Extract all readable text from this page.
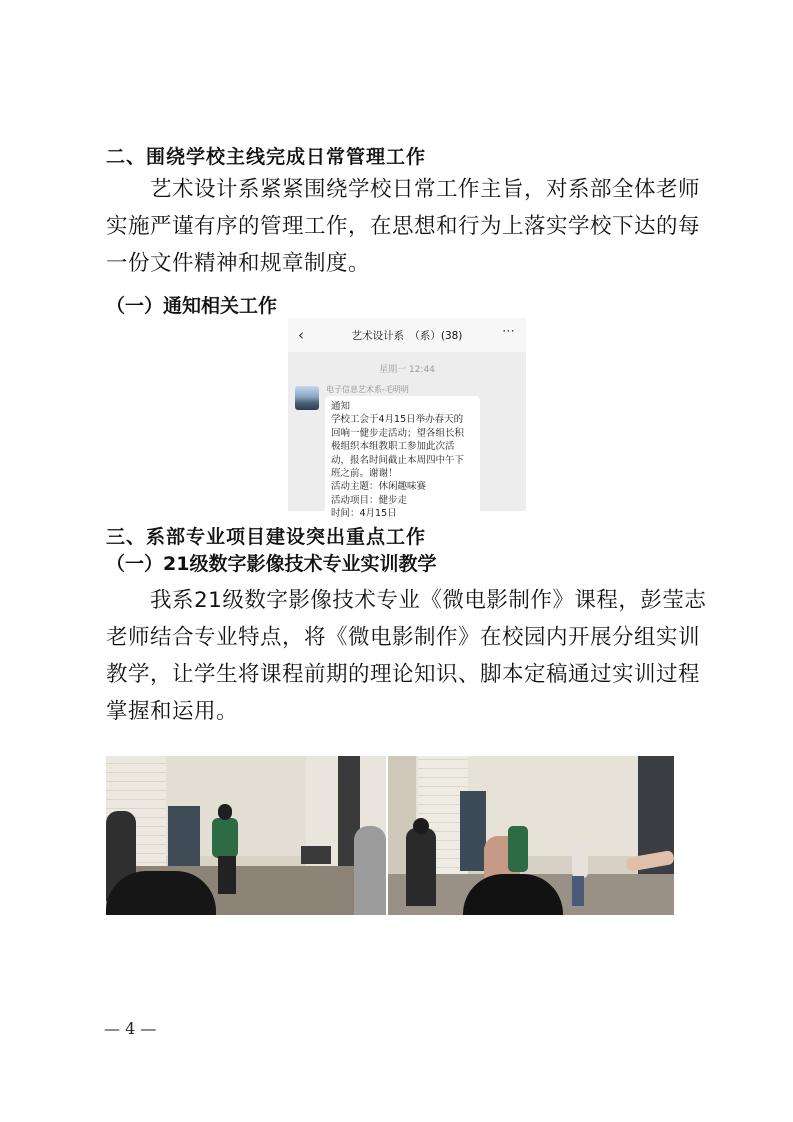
二、围绕学校主线完成日常管理工作
　　艺术设计系紧紧围绕学校日常工作主旨，对系部全体老师
实施严谨有序的管理工作，在思想和行为上落实学校下达的每
一份文件精神和规章制度。
（一）通知相关工作
‹	艺术设计系　（系）(38)	⋯
星期一 12:44
电子信息艺术系-毛明明
通知
学校工会于4月15日举办春天的
回响一健步走活动；望各组长积
极组织本组教职工参加此次活
动，报名时间截止本周四中午下
班之前。谢谢！
活动主题：休闲趣味赛
活动项目：健步走
时间：4月15日
三、系部专业项目建设突出重点工作
（一）21级数字影像技术专业实训教学
　　我系21级数字影像技术专业《微电影制作》课程，彭莹志
老师结合专业特点，将《微电影制作》在校园内开展分组实训
教学，让学生将课程前期的理论知识、脚本定稿通过实训过程
掌握和运用。
— 4 —
